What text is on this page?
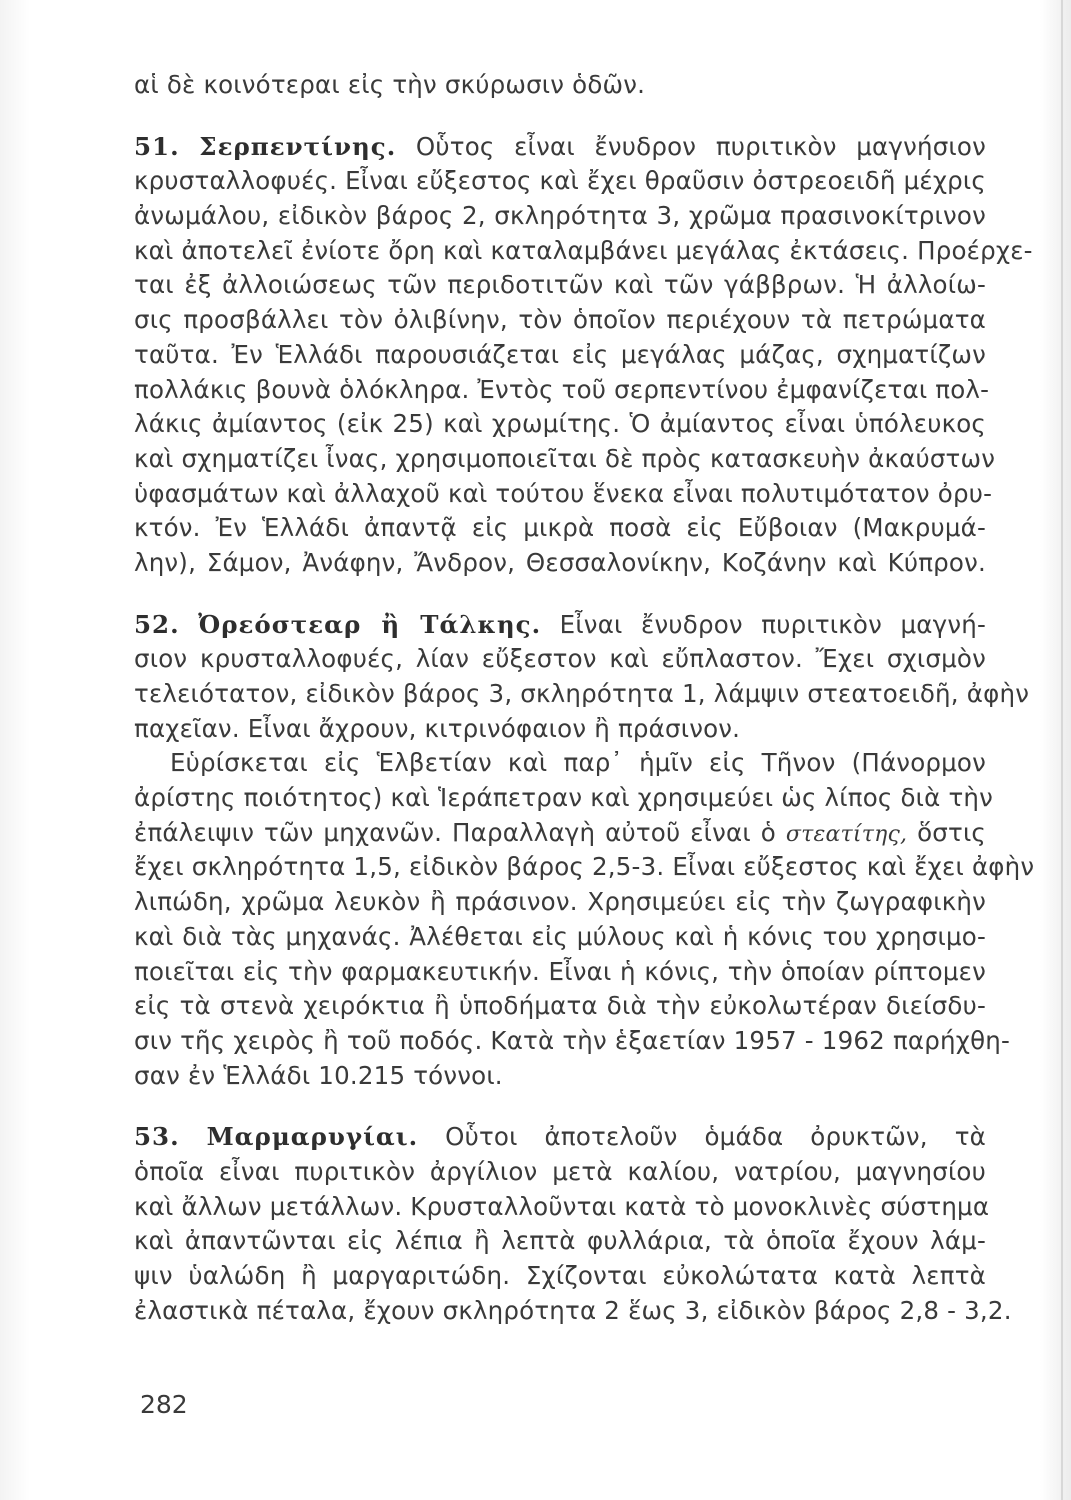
αἱ δὲ κοινότεραι εἰς τὴν σκύρωσιν ὁδῶν.
51. Σερπεντίνης. Οὗτος εἶναι ἔνυδρον πυριτικὸν μαγνήσιον
κρυσταλλοφυές. Εἶναι εὔξεστος καὶ ἔχει θραῦσιν ὀστρεοειδῆ μέχρις
ἀνωμάλου, εἰδικὸν βάρος 2, σκληρότητα 3, χρῶμα πρασινοκίτρινον
καὶ ἀποτελεῖ ἐνίοτε ὄρη καὶ καταλαμβάνει μεγάλας ἐκτάσεις. Προέρχε-
ται ἐξ ἀλλοιώσεως τῶν περιδοτιτῶν καὶ τῶν γάββρων. Ἡ ἀλλοίω-
σις προσβάλλει τὸν ὀλιβίνην, τὸν ὁποῖον περιέχουν τὰ πετρώματα
ταῦτα. Ἐν Ἑλλάδι παρουσιάζεται εἰς μεγάλας μάζας, σχηματίζων
πολλάκις βουνὰ ὁλόκληρα. Ἐντὸς τοῦ σερπεντίνου ἐμφανίζεται πολ-
λάκις ἀμίαντος (εἰκ 25) καὶ χρωμίτης. Ὁ ἀμίαντος εἶναι ὑπόλευκος
καὶ σχηματίζει ἶνας, χρησιμοποιεῖται δὲ πρὸς κατασκευὴν ἀκαύστων
ὑφασμάτων καὶ ἀλλαχοῦ καὶ τούτου ἕνεκα εἶναι πολυτιμότατον ὀρυ-
κτόν. Ἐν Ἑλλάδι ἀπαντᾷ εἰς μικρὰ ποσὰ εἰς Εὔβοιαν (Μακρυμά-
λην), Σάμον, Ἀνάφην, Ἄνδρον, Θεσσαλονίκην, Κοζάνην καὶ Κύπρον.
52. Ὀρεόστεαρ ἢ Τάλκης. Εἶναι ἔνυδρον πυριτικὸν μαγνή-
σιον κρυσταλλοφυές, λίαν εὔξεστον καὶ εὔπλαστον. Ἔχει σχισμὸν
τελειότατον, εἰδικὸν βάρος 3, σκληρότητα 1, λάμψιν στεατοειδῆ, ἀφὴν
παχεῖαν. Εἶναι ἄχρουν, κιτρινόφαιον ἢ πράσινον.
Εὑρίσκεται εἰς Ἑλβετίαν καὶ παρ᾽ ἡμῖν εἰς Τῆνον (Πάνορμον
ἀρίστης ποιότητος) καὶ Ἱεράπετραν καὶ χρησιμεύει ὡς λίπος διὰ τὴν
ἐπάλειψιν τῶν μηχανῶν. Παραλλαγὴ αὐτοῦ εἶναι ὁ στεατίτης, ὅστις
ἔχει σκληρότητα 1,5, εἰδικὸν βάρος 2,5-3. Εἶναι εὔξεστος καὶ ἔχει ἀφὴν
λιπώδη, χρῶμα λευκὸν ἢ πράσινον. Χρησιμεύει εἰς τὴν ζωγραφικὴν
καὶ διὰ τὰς μηχανάς. Ἀλέθεται εἰς μύλους καὶ ἡ κόνις του χρησιμο-
ποιεῖται εἰς τὴν φαρμακευτικήν. Εἶναι ἡ κόνις, τὴν ὁποίαν ρίπτομεν
εἰς τὰ στενὰ χειρόκτια ἢ ὑποδήματα διὰ τὴν εὐκολωτέραν διείσδυ-
σιν τῆς χειρὸς ἢ τοῦ ποδός. Κατὰ τὴν ἑξαετίαν 1957 - 1962 παρήχθη-
σαν ἐν Ἑλλάδι 10.215 τόννοι.
53. Μαρμαρυγίαι. Οὗτοι ἀποτελοῦν ὁμάδα ὀρυκτῶν, τὰ
ὁποῖα εἶναι πυριτικὸν ἀργίλιον μετὰ καλίου, νατρίου, μαγνησίου
καὶ ἄλλων μετάλλων. Κρυσταλλοῦνται κατὰ τὸ μονοκλινὲς σύστημα
καὶ ἀπαντῶνται εἰς λέπια ἢ λεπτὰ φυλλάρια, τὰ ὁποῖα ἔχουν λάμ-
ψιν ὑαλώδη ἢ μαργαριτώδη. Σχίζονται εὐκολώτατα κατὰ λεπτὰ
ἐλαστικὰ πέταλα, ἔχουν σκληρότητα 2 ἕως 3, εἰδικὸν βάρος 2,8 - 3,2.
282
